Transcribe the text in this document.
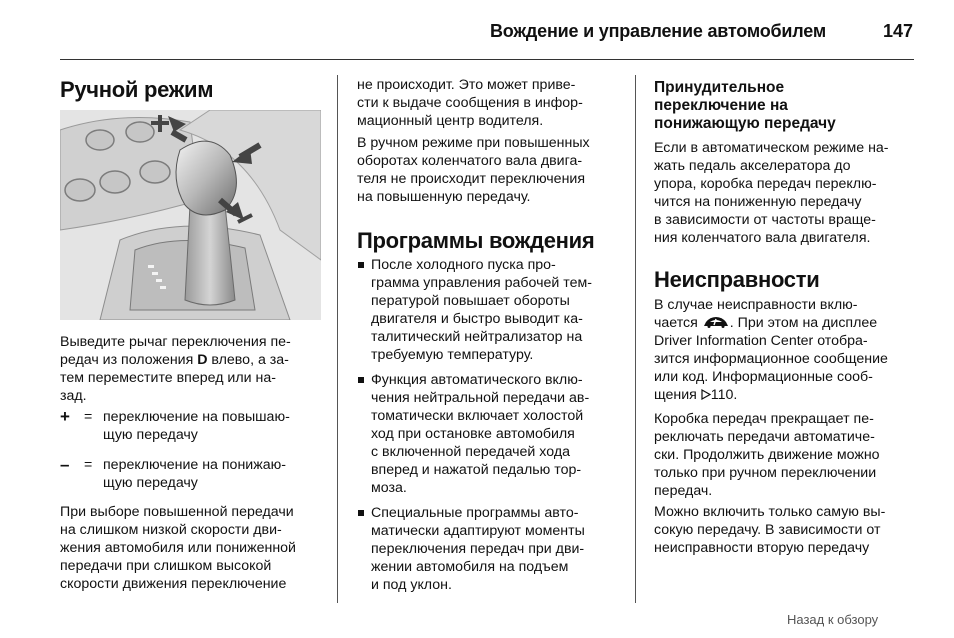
Вождение и управление автомобилем	147
Ручной режим

Выведите рычаг переключения пе-

редач из положения D влево, а за-

тем переместите вперед или на-

зад.

+ = переключение на повышаю-
щую передачу
– = переключение на понижаю-
щую передачу

При выборе повышенной передачи

на слишком низкой скорости дви-

жения автомобиля или пониженной

передачи при слишком высокой

скорости движения переключение

не происходит. Это может приве-

сти к выдаче сообщения в инфор-

мационный центр водителя.

В ручном режиме при повышенных

оборотах коленчатого вала двига-

теля не происходит переключения

на повышенную передачу.

Программы вождения

После холодного пуска про-

грамма управления рабочей тем-

пературой повышает обороты

двигателя и быстро выводит ка-

талитический нейтрализатор на

требуемую температуру.

Функция автоматического вклю-

чения нейтральной передачи ав-

томатически включает холостой

ход при остановке автомобиля

с включенной передачей хода

вперед и нажатой педалью тор-

моза.

Специальные программы авто-

матически адаптируют моменты

переключения передач при дви-

жении автомобиля на подъем

и под уклон.

Принудительное

переключение на

понижающую передачу

Если в автоматическом режиме на-

жать педаль акселератора до

упора, коробка передач переклю-

чится на пониженную передачу

в зависимости от частоты враще-

ния коленчатого вала двигателя.

Неисправности

В случае неисправности вклю-

чается . При этом на дисплее

Driver Information Center отобра-

зится информационное сообщение

или код. Информационные сооб-

щения 110.

Коробка передач прекращает пе-

реключать передачи автоматиче-

ски. Продолжить движение можно

только при ручном переключении

передач.

Можно включить только самую вы-

сокую передачу. В зависимости от

неисправности вторую передачу

Назад к обзору
